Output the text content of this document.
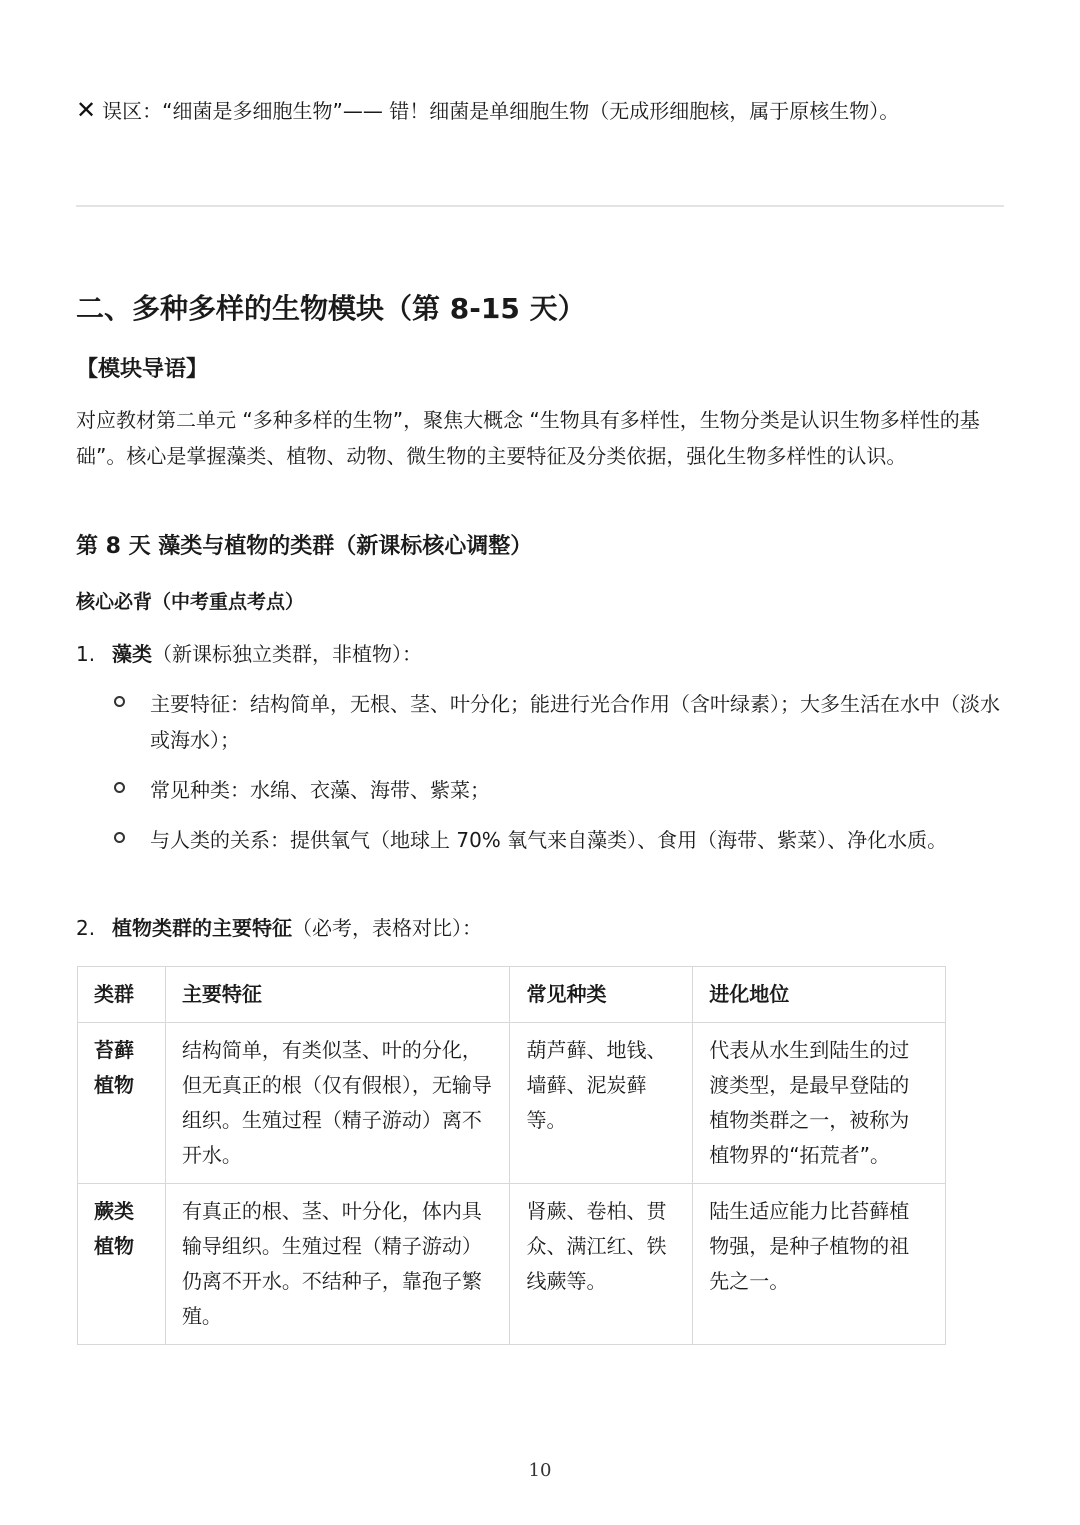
✕ 误区：“细菌是多细胞生物”—— 错！细菌是单细胞生物（无成形细胞核，属于原核生物）。
二、多种多样的生物模块（第 8-15 天）
【模块导语】

对应教材第二单元 “多种多样的生物”，聚焦大概念 “生物具有多样性，生物分类是认识生物多样性的基础”。核心是掌握藻类、植物、动物、微生物的主要特征及分类依据，强化生物多样性的认识。

第 8 天 藻类与植物的类群（新课标核心调整）
核心必背（中考重点考点）
1. 藻类（新课标独立类群，非植物）：
主要特征：结构简单，无根、茎、叶分化；能进行光合作用（含叶绿素）；大多生活在水中（淡水或海水）；
常见种类：水绵、衣藻、海带、紫菜；
与人类的关系：提供氧气（地球上 70% 氧气来自藻类）、食用（海带、紫菜）、净化水质。
2. 植物类群的主要特征（必考，表格对比）：
类群	主要特征	常见种类	进化地位
苔藓植物	结构简单，有类似茎、叶的分化，但无真正的根（仅有假根），无输导组织。生殖过程（精子游动）离不开水。	葫芦藓、地钱、墙藓、泥炭藓等。	代表从水生到陆生的过渡类型，是最早登陆的植物类群之一，被称为植物界的“拓荒者”。
蕨类植物	有真正的根、茎、叶分化，体内具输导组织。生殖过程（精子游动）仍离不开水。不结种子，靠孢子繁殖。	肾蕨、卷柏、贯众、满江红、铁线蕨等。	陆生适应能力比苔藓植物强，是种子植物的祖先之一。
10
